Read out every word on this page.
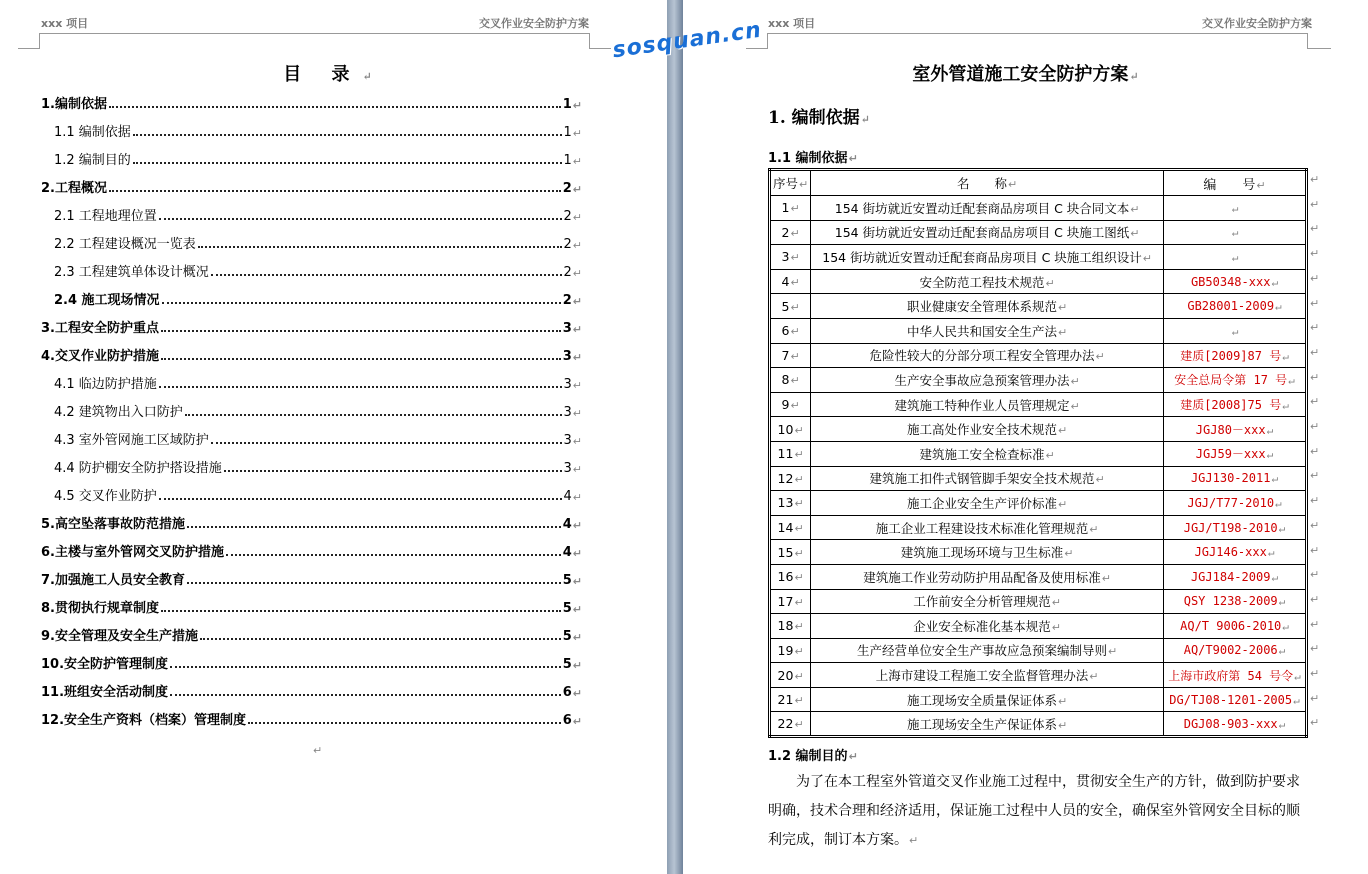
xxx 项目	交叉作业安全防护方案
目 录↵
1.编制依据	1 ↵
1.1 编制依据	1 ↵
1.2 编制目的	1 ↵
2.工程概况	2 ↵
2.1 工程地理位置	2 ↵
2.2 工程建设概况一览表	2 ↵
2.3 工程建筑单体设计概况	2 ↵
2.4 施工现场情况	2 ↵
3.工程安全防护重点	3 ↵
4.交叉作业防护措施	3 ↵
4.1 临边防护措施	3 ↵
4.2 建筑物出入口防护	3 ↵
4.3 室外管网施工区域防护	3 ↵
4.4 防护棚安全防护搭设措施	3 ↵
4.5 交叉作业防护	4 ↵
5.高空坠落事故防范措施	4 ↵
6.主楼与室外管网交叉防护措施	4 ↵
7.加强施工人员安全教育	5 ↵
8.贯彻执行规章制度	5 ↵
9.安全管理及安全生产措施	5 ↵
10.安全防护管理制度	5 ↵
11.班组安全活动制度	6 ↵
12.安全生产资料（档案）管理制度	6 ↵
↵
xxx 项目	交叉作业安全防护方案
室外管道施工安全防护方案↵
1. 编制依据↵
1.1 编制依据↵
序号↵	名　　称↵	编　　号↵
1↵	154 街坊就近安置动迁配套商品房项目 C 块合同文本↵	↵
2↵	154 街坊就近安置动迁配套商品房项目 C 块施工图纸↵	↵
3↵	154 街坊就近安置动迁配套商品房项目 C 块施工组织设计↵	↵
4↵	安全防范工程技术规范↵	GB50348-xxx↵
5↵	职业健康安全管理体系规范↵	GB28001-2009↵
6↵	中华人民共和国安全生产法↵	↵
7↵	危险性较大的分部分项工程安全管理办法↵	建质[2009]87 号↵
8↵	生产安全事故应急预案管理办法↵	安全总局令第 17 号↵
9↵	建筑施工特种作业人员管理规定↵	建质[2008]75 号↵
10↵	施工高处作业安全技术规范↵	JGJ80－xxx↵
11↵	建筑施工安全检查标准↵	JGJ59－xxx↵
12↵	建筑施工扣件式钢管脚手架安全技术规范↵	JGJ130-2011↵
13↵	施工企业安全生产评价标准↵	JGJ/T77-2010↵
14↵	施工企业工程建设技术标准化管理规范↵	JGJ/T198-2010↵
15↵	建筑施工现场环境与卫生标准↵	JGJ146-xxx↵
16↵	建筑施工作业劳动防护用品配备及使用标准↵	JGJ184-2009↵
17↵	工作前安全分析管理规范↵	QSY 1238-2009↵
18↵	企业安全标准化基本规范↵	AQ/T 9006-2010↵
19↵	生产经营单位安全生产事故应急预案编制导则↵	AQ/T9002-2006↵
20↵	上海市建设工程施工安全监督管理办法↵	上海市政府第 54 号令↵
21↵	施工现场安全质量保证体系↵	DG/TJ08-1201-2005↵
22↵	施工现场安全生产保证体系↵	DGJ08-903-xxx↵
↵
↵
↵
↵
↵
↵
↵
↵
↵
↵
↵
↵
↵
↵
↵
↵
↵
↵
↵
↵
↵
↵
↵
1.2 编制目的↵
为了在本工程室外管道交叉作业施工过程中，贯彻安全生产的方针，做到防护要求明确，技术合理和经济适用，保证施工过程中人员的安全，确保室外管网安全目标的顺利完成，制订本方案。↵
sosquan.cn
